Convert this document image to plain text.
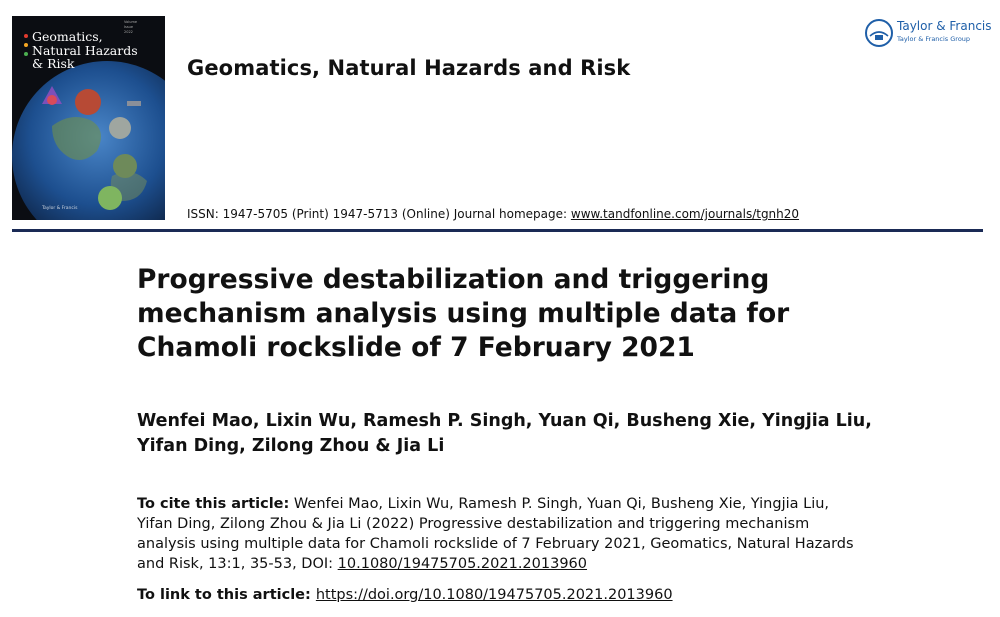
Geomatics,
Natural Hazards
& Risk

Volume
Issue
2022
Taylor & Francis
Geomatics, Natural Hazards and Risk

Taylor & Francis

Taylor & Francis Group

ISSN: 1947-5705 (Print) 1947-5713 (Online) Journal homepage: www.tandfonline.com/journals/tgnh20

Progressive destabilization and triggering mechanism analysis using multiple data for Chamoli rockslide of 7 February 2021

Wenfei Mao, Lixin Wu, Ramesh P. Singh, Yuan Qi, Busheng Xie, Yingjia Liu, Yifan Ding, Zilong Zhou & Jia Li

To cite this article: Wenfei Mao, Lixin Wu, Ramesh P. Singh, Yuan Qi, Busheng Xie, Yingjia Liu, Yifan Ding, Zilong Zhou & Jia Li (2022) Progressive destabilization and triggering mechanism analysis using multiple data for Chamoli rockslide of 7 February 2021, Geomatics, Natural Hazards and Risk, 13:1, 35-53, DOI: 10.1080/19475705.2021.2013960

To link to this article: https://doi.org/10.1080/19475705.2021.2013960
